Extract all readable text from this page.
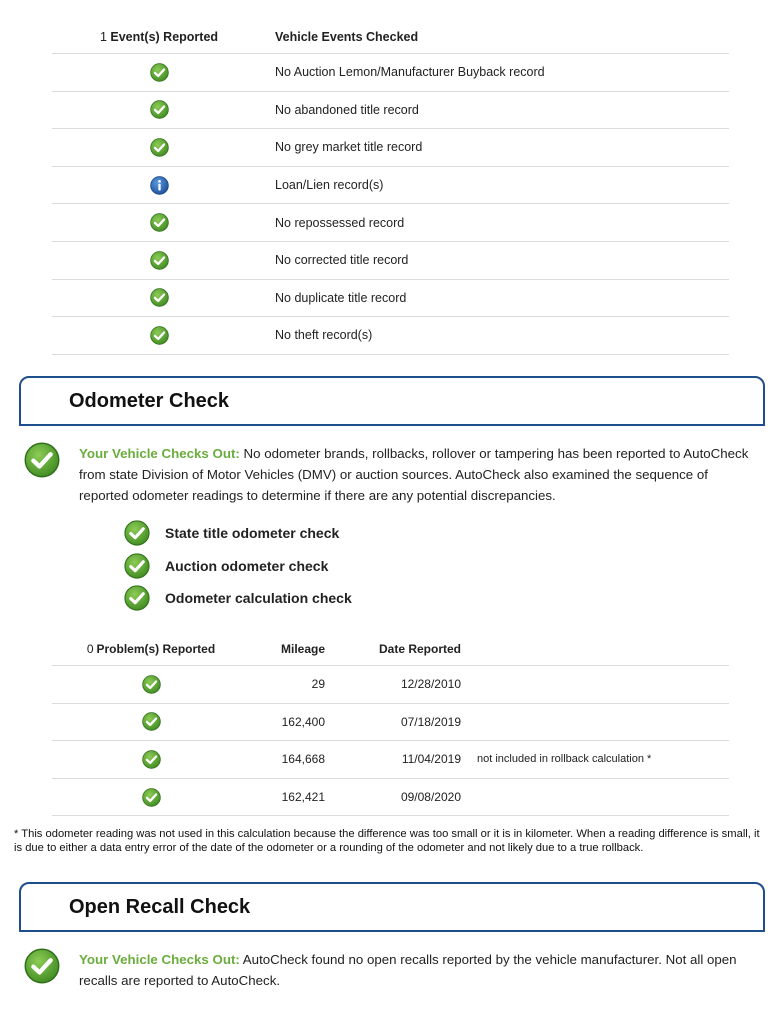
1 Event(s) Reported	Vehicle Events Checked
No Auction Lemon/Manufacturer Buyback record
No abandoned title record
No grey market title record
Loan/Lien record(s)
No repossessed record
No corrected title record
No duplicate title record
No theft record(s)
Odometer Check
Your Vehicle Checks Out: No odometer brands, rollbacks, rollover or tampering has been reported to AutoCheck from state Division of Motor Vehicles (DMV) or auction sources. AutoCheck also examined the sequence of reported odometer readings to determine if there are any potential discrepancies.
State title odometer check
Auction odometer check
Odometer calculation check
0 Problem(s) Reported	Mileage	Date Reported
29	12/28/2010
162,400	07/18/2019
164,668	11/04/2019	not included in rollback calculation *
162,421	09/08/2020
* This odometer reading was not used in this calculation because the difference was too small or it is in kilometer. When a reading difference is small, it is due to either a data entry error of the date of the odometer or a rounding of the odometer and not likely due to a true rollback.
Open Recall Check
Your Vehicle Checks Out: AutoCheck found no open recalls reported by the vehicle manufacturer. Not all open recalls are reported to AutoCheck.
